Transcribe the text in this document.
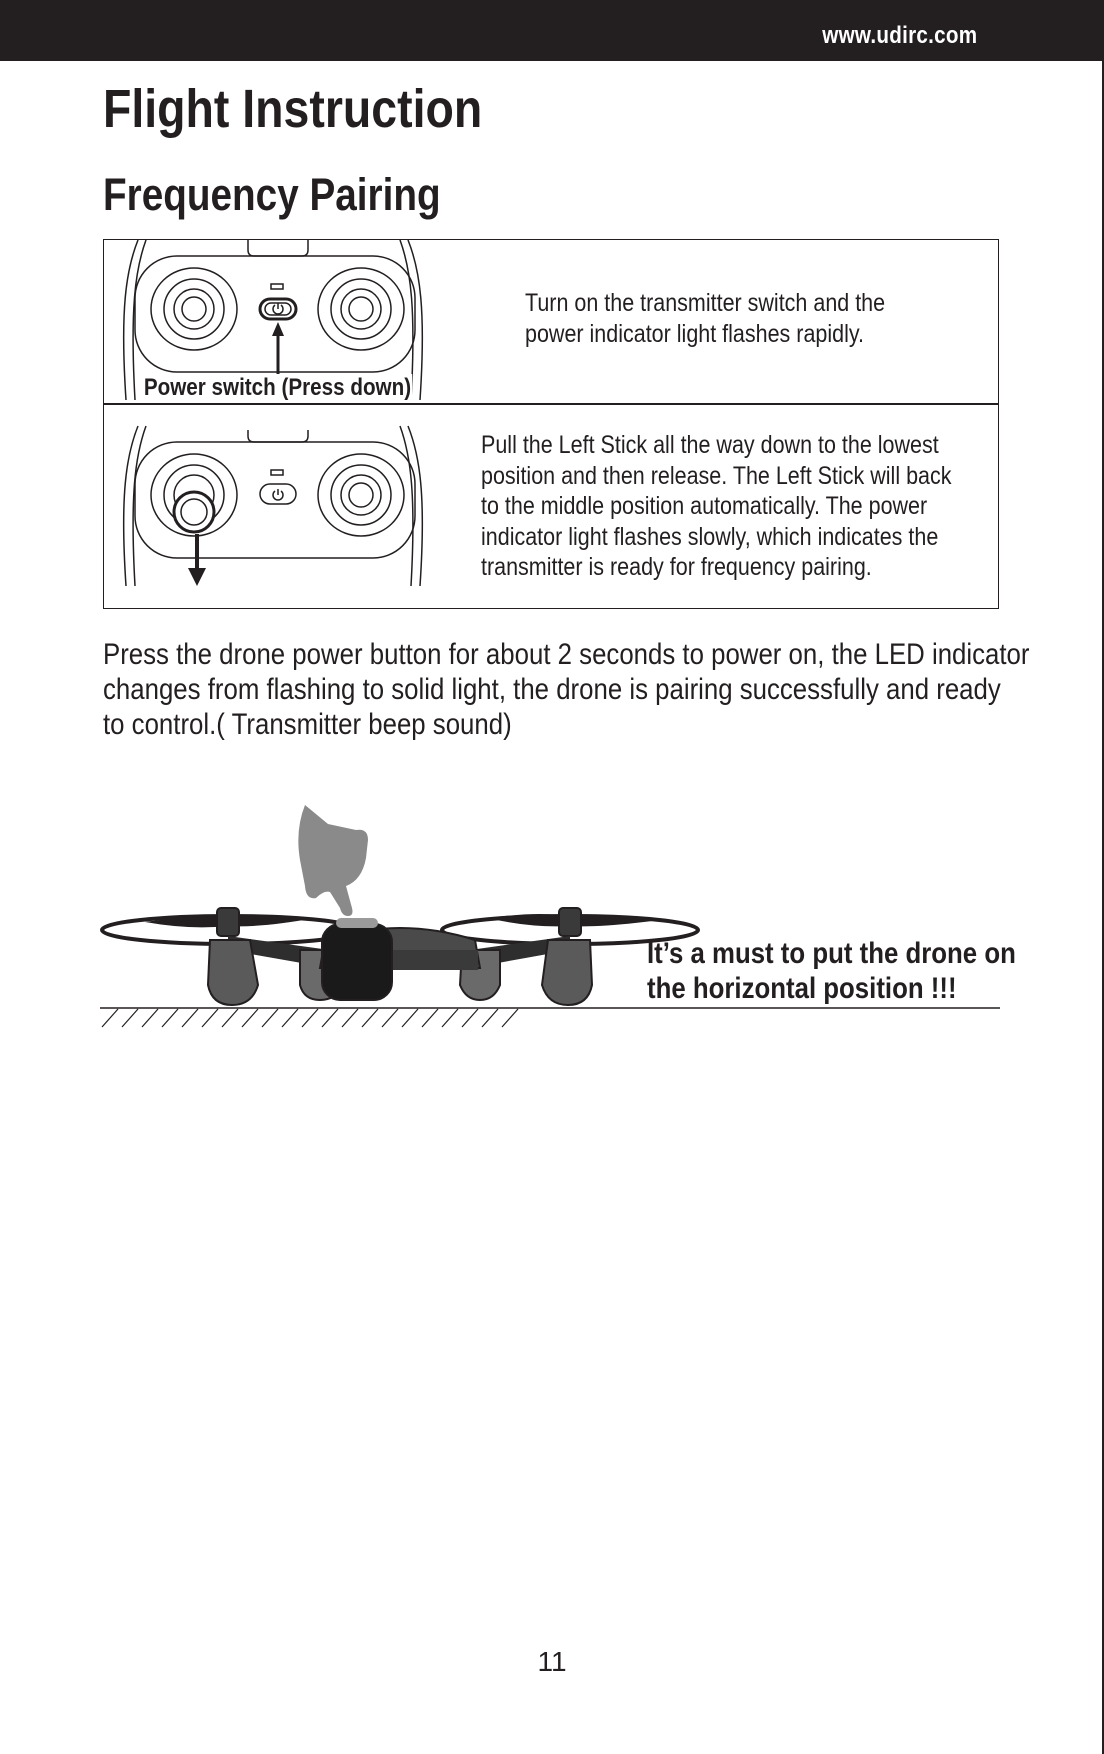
www.udirc.com
Flight Instruction
Frequency Pairing
Power switch (Press down)
Turn on the transmitter switch and the
power indicator light flashes rapidly.
Pull the Left Stick all the way down to the lowest
position and then release. The Left Stick will back
to the middle position automatically. The power
indicator light flashes slowly, which indicates the
transmitter is ready for frequency pairing.
Press the drone power button for about 2 seconds to power on, the LED indicator
changes from flashing to solid light, the drone is pairing successfully and ready
to control.( Transmitter beep sound)
It’s a must to put the drone on
the horizontal position !!!
11
